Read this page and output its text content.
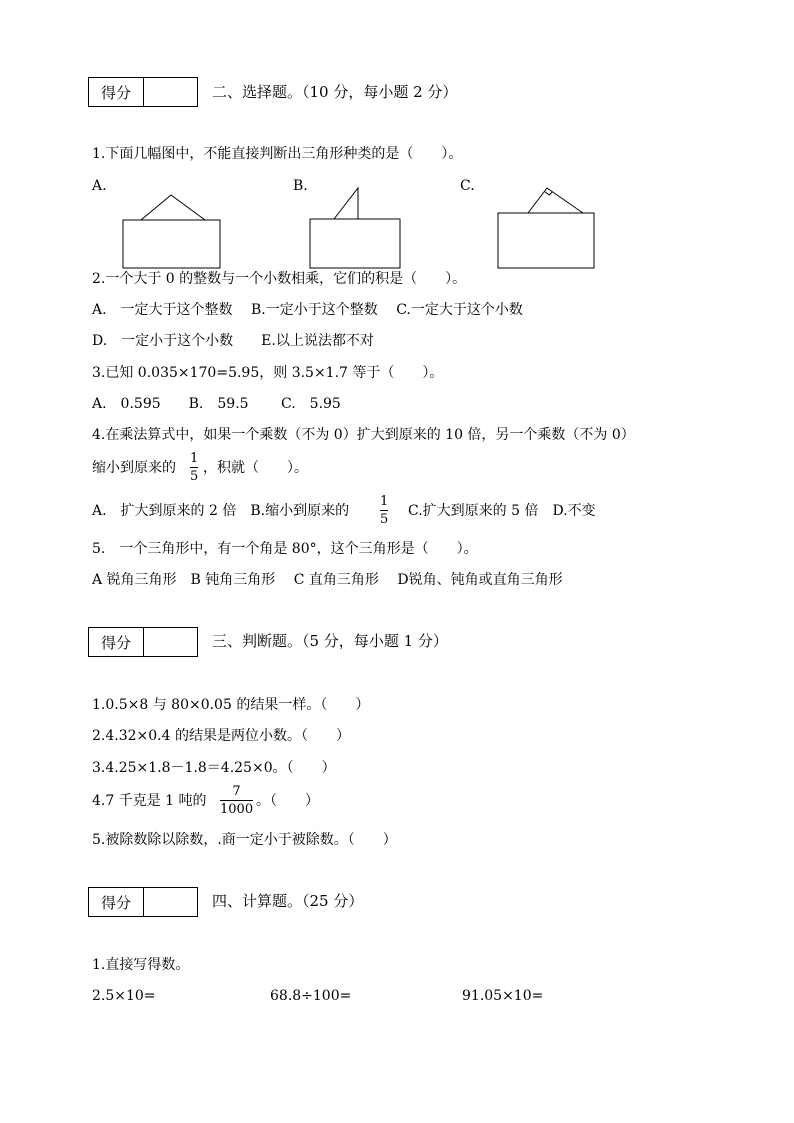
得分	二、选择题。（10 分，每小题 2 分）
1.下面几幅图中，不能直接判断出三角形种类的是（　　）。
A.	B.	C.
2.一个大于 0 的整数与一个小数相乘，它们的积是（　　）。
A.　一定大于这个整数　 B.一定小于这个整数　 C.一定大于这个小数
D.　一定小于这个小数　　E.以上说法都不对
3.已知 0.035×170=5.95，则 3.5×1.7 等于（　　）。
A.　0.595　　B.　59.5　　 C.　5.95
4.在乘法算式中，如果一个乘数（不为 0）扩大到原来的 10 倍，另一个乘数（不为 0）
缩小到原来的
1
5
，积就（　　）。
A.　扩大到原来的 2 倍　B.缩小到原来的
1
5
C.扩大到原来的 5 倍　D.不变
5.　一个三角形中，有一个角是 80°，这个三角形是（　　）。
A 锐角三角形　B 钝角三角形　 C 直角三角形　 D锐角、钝角或直角三角形
得分	三、判断题。（5 分，每小题 1 分）
1.0.5×8 与 80×0.05 的结果一样。（　　）
2.4.32×0.4 的结果是两位小数。（　　）
3.4.25×1.8－1.8＝4.25×0。（　　）
4.7 千克是 1 吨的
7
1000
。（　　）
5.被除数除以除数，.商一定小于被除数。（　　）
得分	四、计算题。（25 分）
1.直接写得数。
2.5×10=	68.8÷100=	91.05×10=
